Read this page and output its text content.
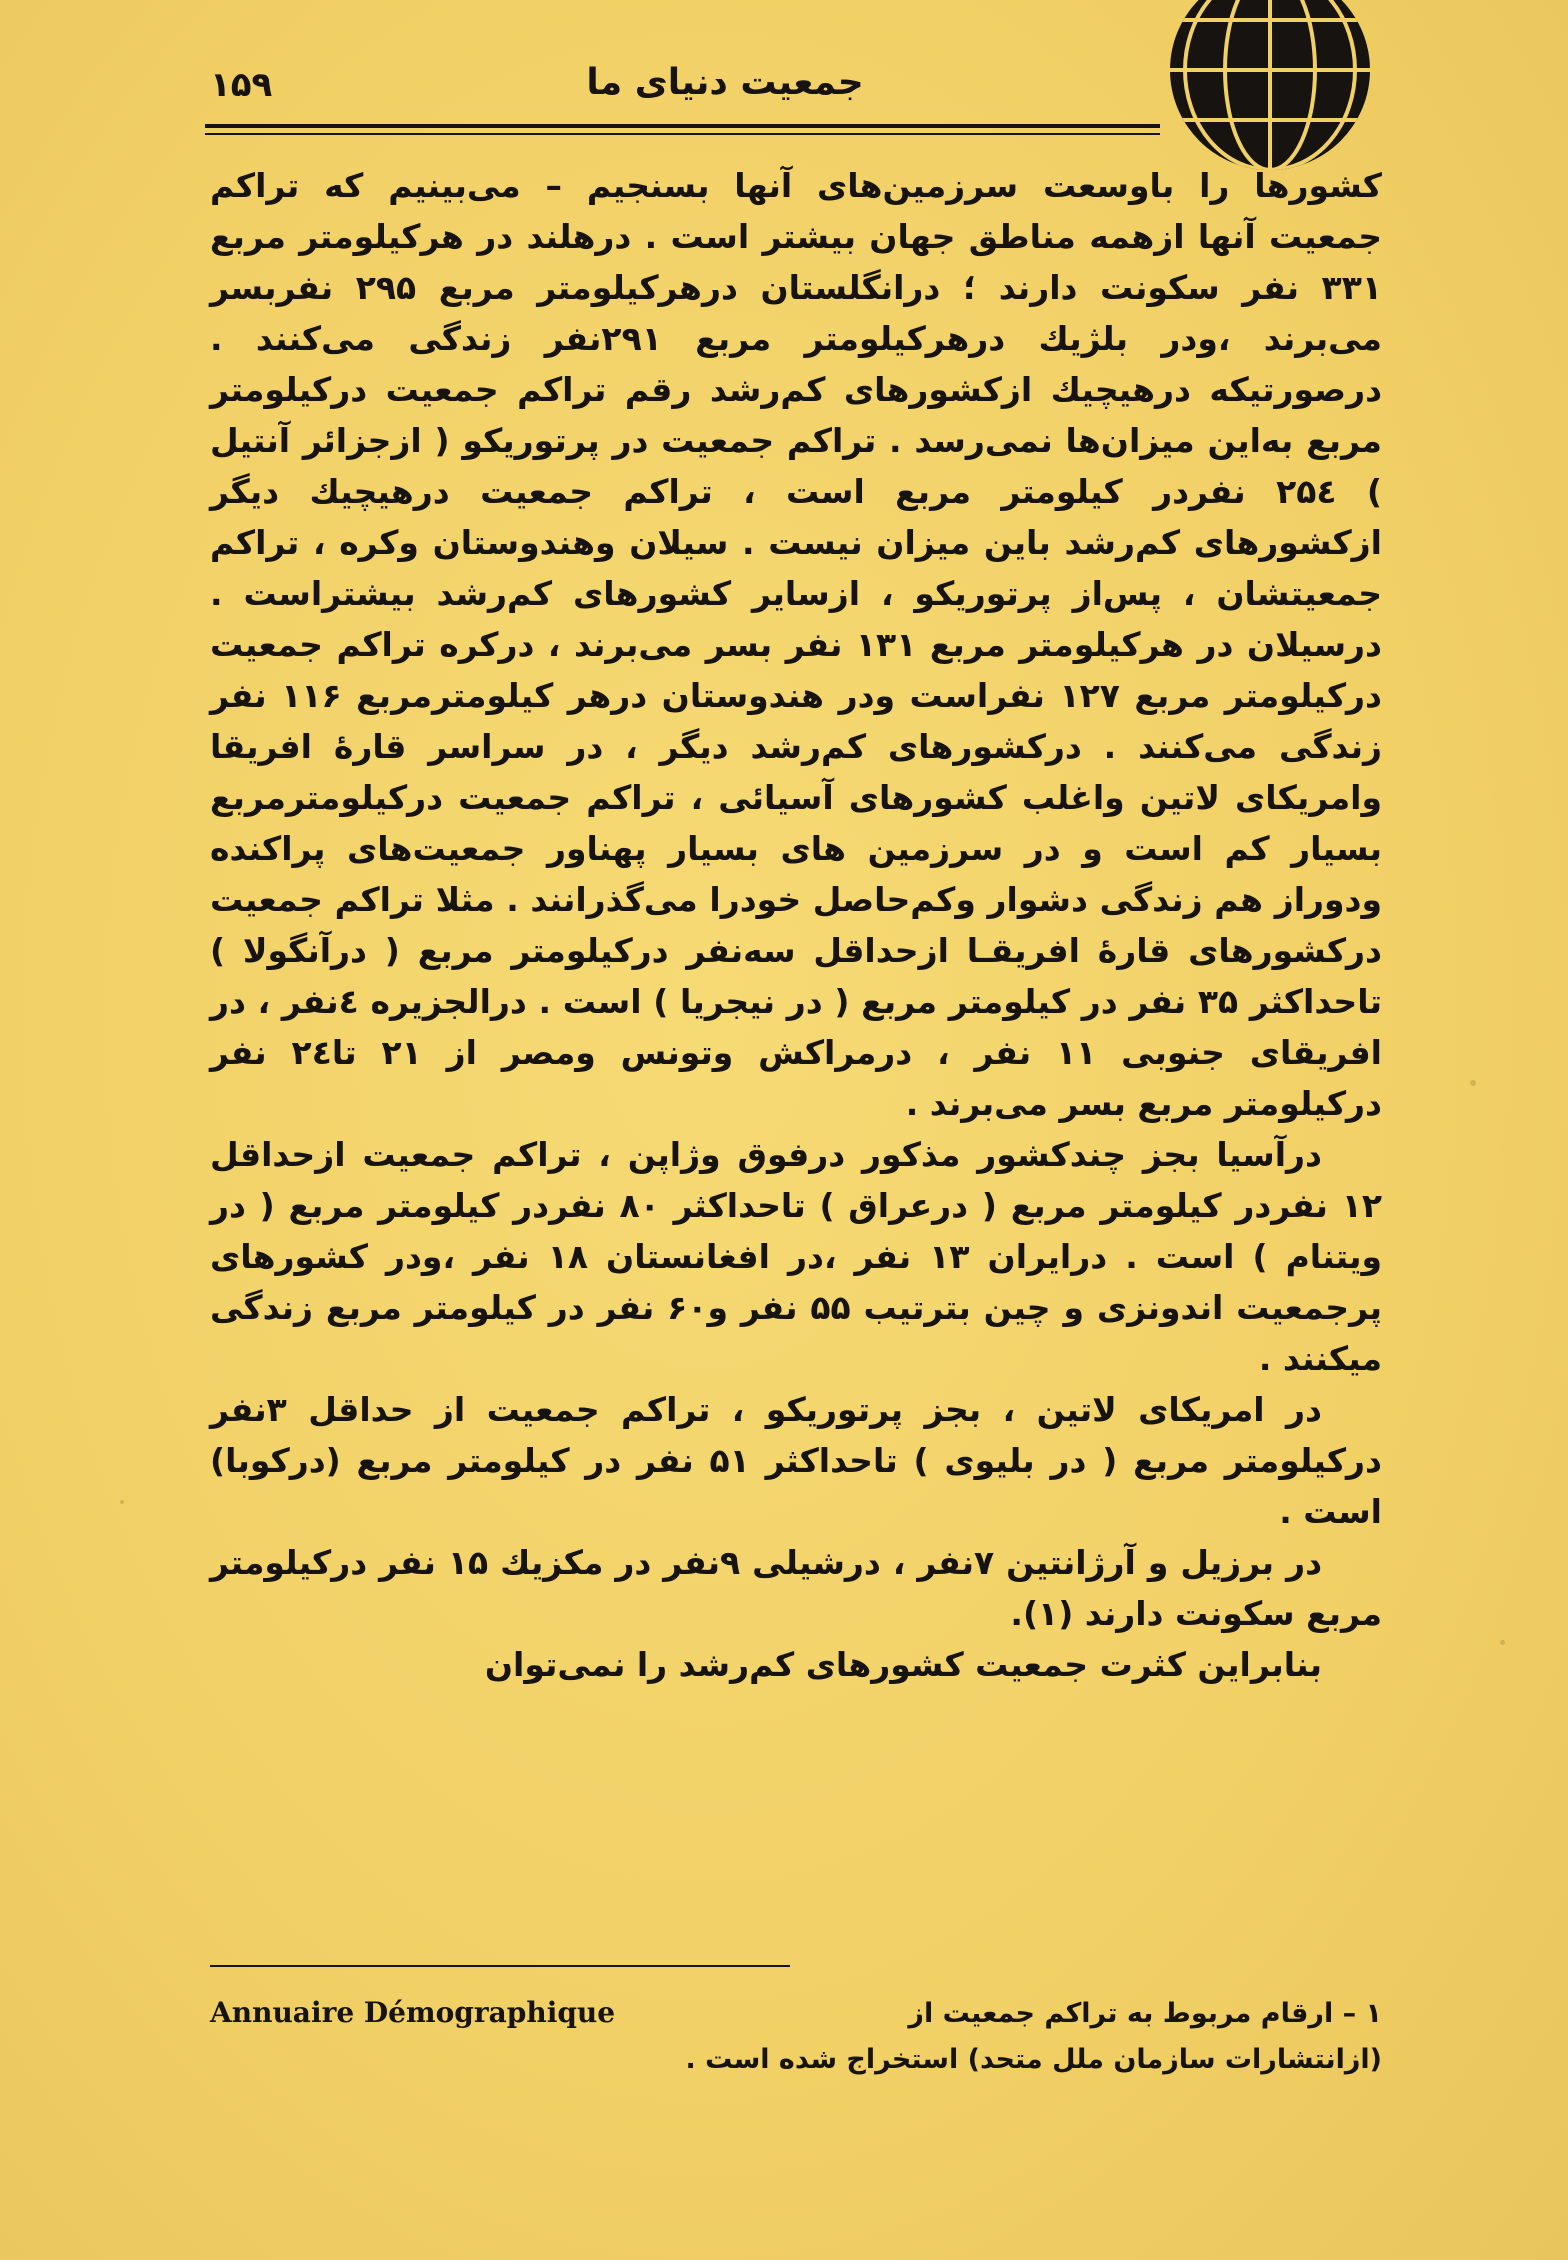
۱۵۹	جمعیت دنیای ما

کشورها را باوسعت سرزمین‌های آنها بسنجیم – می‌بینیم که تراکم جمعیت آنها ازهمه مناطق جهان بیشتر است . درهلند در هرکیلومتر مربع ۳۳۱ نفر سکونت دارند ؛ درانگلستان درهرکیلومتر مربع ۲۹۵ نفربسر می‌برند ،ودر بلژیك درهرکیلومتر مربع ۲۹۱نفر زندگی می‌کنند . درصورتیکه درهیچیك ازکشورهای کم‌رشد رقم تراکم جمعیت درکیلومتر مربع به‌این میزان‌ها نمی‌رسد . تراکم جمعیت در پرتوریکو ( ازجزائر آنتیل ) ۲۵٤ نفردر کیلومتر مربع است ، تراکم جمعیت درهیچیك دیگر ازکشورهای کم‌رشد باین میزان نیست . سیلان وهندوستان وکره ، تراکم جمعیتشان ، پس‌از پرتوریکو ، ازسایر کشورهای کم‌رشد بیشتراست . درسیلان در هرکیلومتر مربع ۱۳۱ نفر بسر می‌برند ، درکره تراکم جمعیت درکیلومتر مربع ۱۲۷ نفراست ودر هندوستان درهر کیلومترمربع ۱۱۶ نفر زندگی می‌کنند . درکشورهای کم‌رشد دیگر ، در سراسر قارهٔ افریقا وامریکای لاتین واغلب کشورهای آسیائی ، تراکم جمعیت درکیلومترمربع بسیار کم است و در سرزمین های بسیار پهناور جمعیت‌های پراکنده ودوراز هم زندگی دشوار وکم‌حاصل خودرا می‌گذرانند . مثلا تراکم جمعیت درکشورهای قارهٔ افریقـا ازحداقل سه‌نفر درکیلومتر مربع ( درآنگولا ) تاحداکثر ۳۵ نفر در کیلومتر مربع ( در نیجریا ) است . درالجزیره ٤نفر ، در افریقای جنوبی ۱۱ نفر ، درمراکش وتونس ومصر از ۲۱ تا۲٤ نفر درکیلومتر مربع بسر می‌برند .

درآسیا بجز چندکشور مذکور درفوق وژاپن ، تراکم جمعیت ازحداقل ۱۲ نفردر کیلومتر مربع ( درعراق ) تاحداکثر ۸۰ نفردر کیلومتر مربع ( در ویتنام ) است . درایران ۱۳ نفر ،در افغانستان ۱۸ نفر ،ودر کشورهای پرجمعیت اندونزی و چین بترتیب ۵۵ نفر و۶۰ نفر در کیلومتر مربع زندگی میکنند .

در امریکای لاتین ، بجز پرتوریکو ، تراکم جمعیت از حداقل ۳نفر درکیلومتر مربع ( در بلیوی ) تاحداکثر ۵۱ نفر در کیلومتر مربع (درکوبا) است .

در برزیل و آرژانتین ۷نفر ، درشیلی ۹نفر در مکزیك ۱۵ نفر درکیلومتر مربع سکونت دارند (۱).

بنابراین کثرت جمعیت کشورهای کم‌رشد را نمی‌توان

Annuaire Démographique	۱ – ارقام مربوط به تراکم جمعیت از
(ازانتشارات سازمان ملل متحد) استخراج شده است .
